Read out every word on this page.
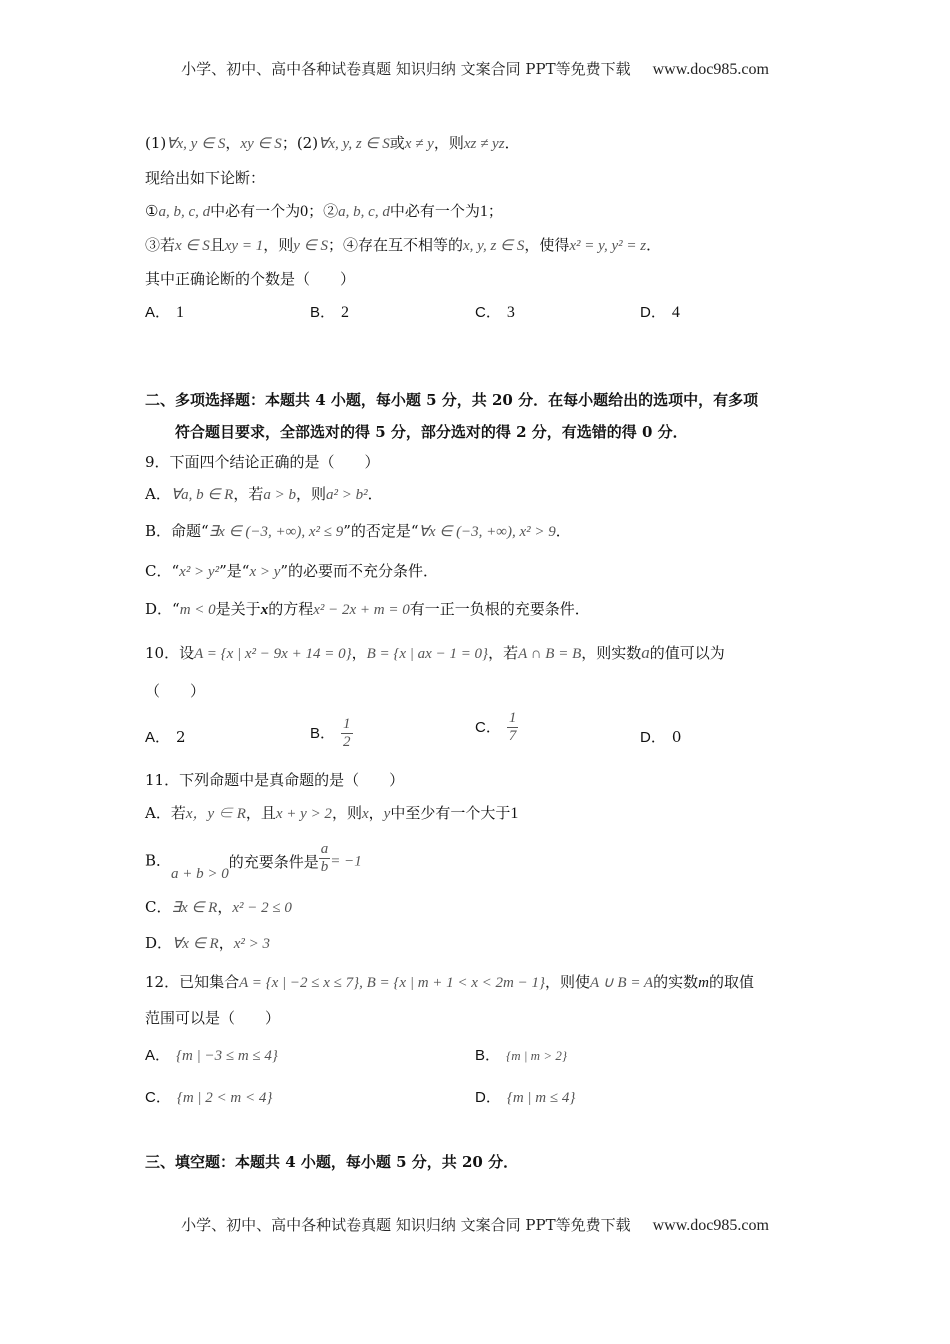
小学、初中、高中各种试卷真题 知识归纳 文案合同 PPT等免费下载 www.doc985.com
(1)∀x, y ∈ S，xy ∈ S；(2)∀x, y, z ∈ S或x ≠ y，则xz ≠ yz．
现给出如下论断：
①a, b, c, d中必有一个为0；②a, b, c, d中必有一个为1；
③若x ∈ S且xy = 1，则y ∈ S；④存在互不相等的x, y, z ∈ S，使得x² = y, y² = z．
其中正确论断的个数是（　　）
A． 1	B． 2	C． 3	D． 4
二、多项选择题：本题共 4 小题，每小题 5 分，共 20 分．在每小题给出的选项中，有多项
符合题目要求，全部选对的得 5 分，部分选对的得 2 分，有选错的得 0 分．
9．下面四个结论正确的是（　　）
A．∀a, b ∈ R，若a > b，则a² > b²．
B．命题“∃x ∈ (−3, +∞), x² ≤ 9”的否定是“∀x ∈ (−3, +∞), x² > 9．
C．“x² > y²”是“x > y”的必要而不充分条件．
D．“m < 0是关于x的方程x² − 2x + m = 0有一正一负根的充要条件．
10．设A = {x | x² − 9x + 14 = 0}，B = {x | ax − 1 = 0}，若A ∩ B = B，则实数a的值可以为
（　　）
A． 2	B． $\frac{1}{2}$	C． $\frac{1}{7}$	D． 0
11．下列命题中是真命题的是（　　）
A．若x，y ∈ R，且x + y > 2，则x，y中至少有一个大于1
B．a + b > 0的充要条件是 $\frac{a}{b} = -1$
C．∃x ∈ R，x² − 2 ≤ 0
D．∀x ∈ R，x² > 3
12．已知集合A = {x | −2 ≤ x ≤ 7}, B = {x | m + 1 < x < 2m − 1}，则使A ∪ B = A的实数m的取值
范围可以是（　　）
A． {m | −3 ≤ m ≤ 4}	B． {m | m > 2}
C． {m | 2 < m < 4}	D． {m | m ≤ 4}
三、填空题：本题共 4 小题，每小题 5 分，共 20 分．
小学、初中、高中各种试卷真题 知识归纳 文案合同 PPT等免费下载 www.doc985.com
